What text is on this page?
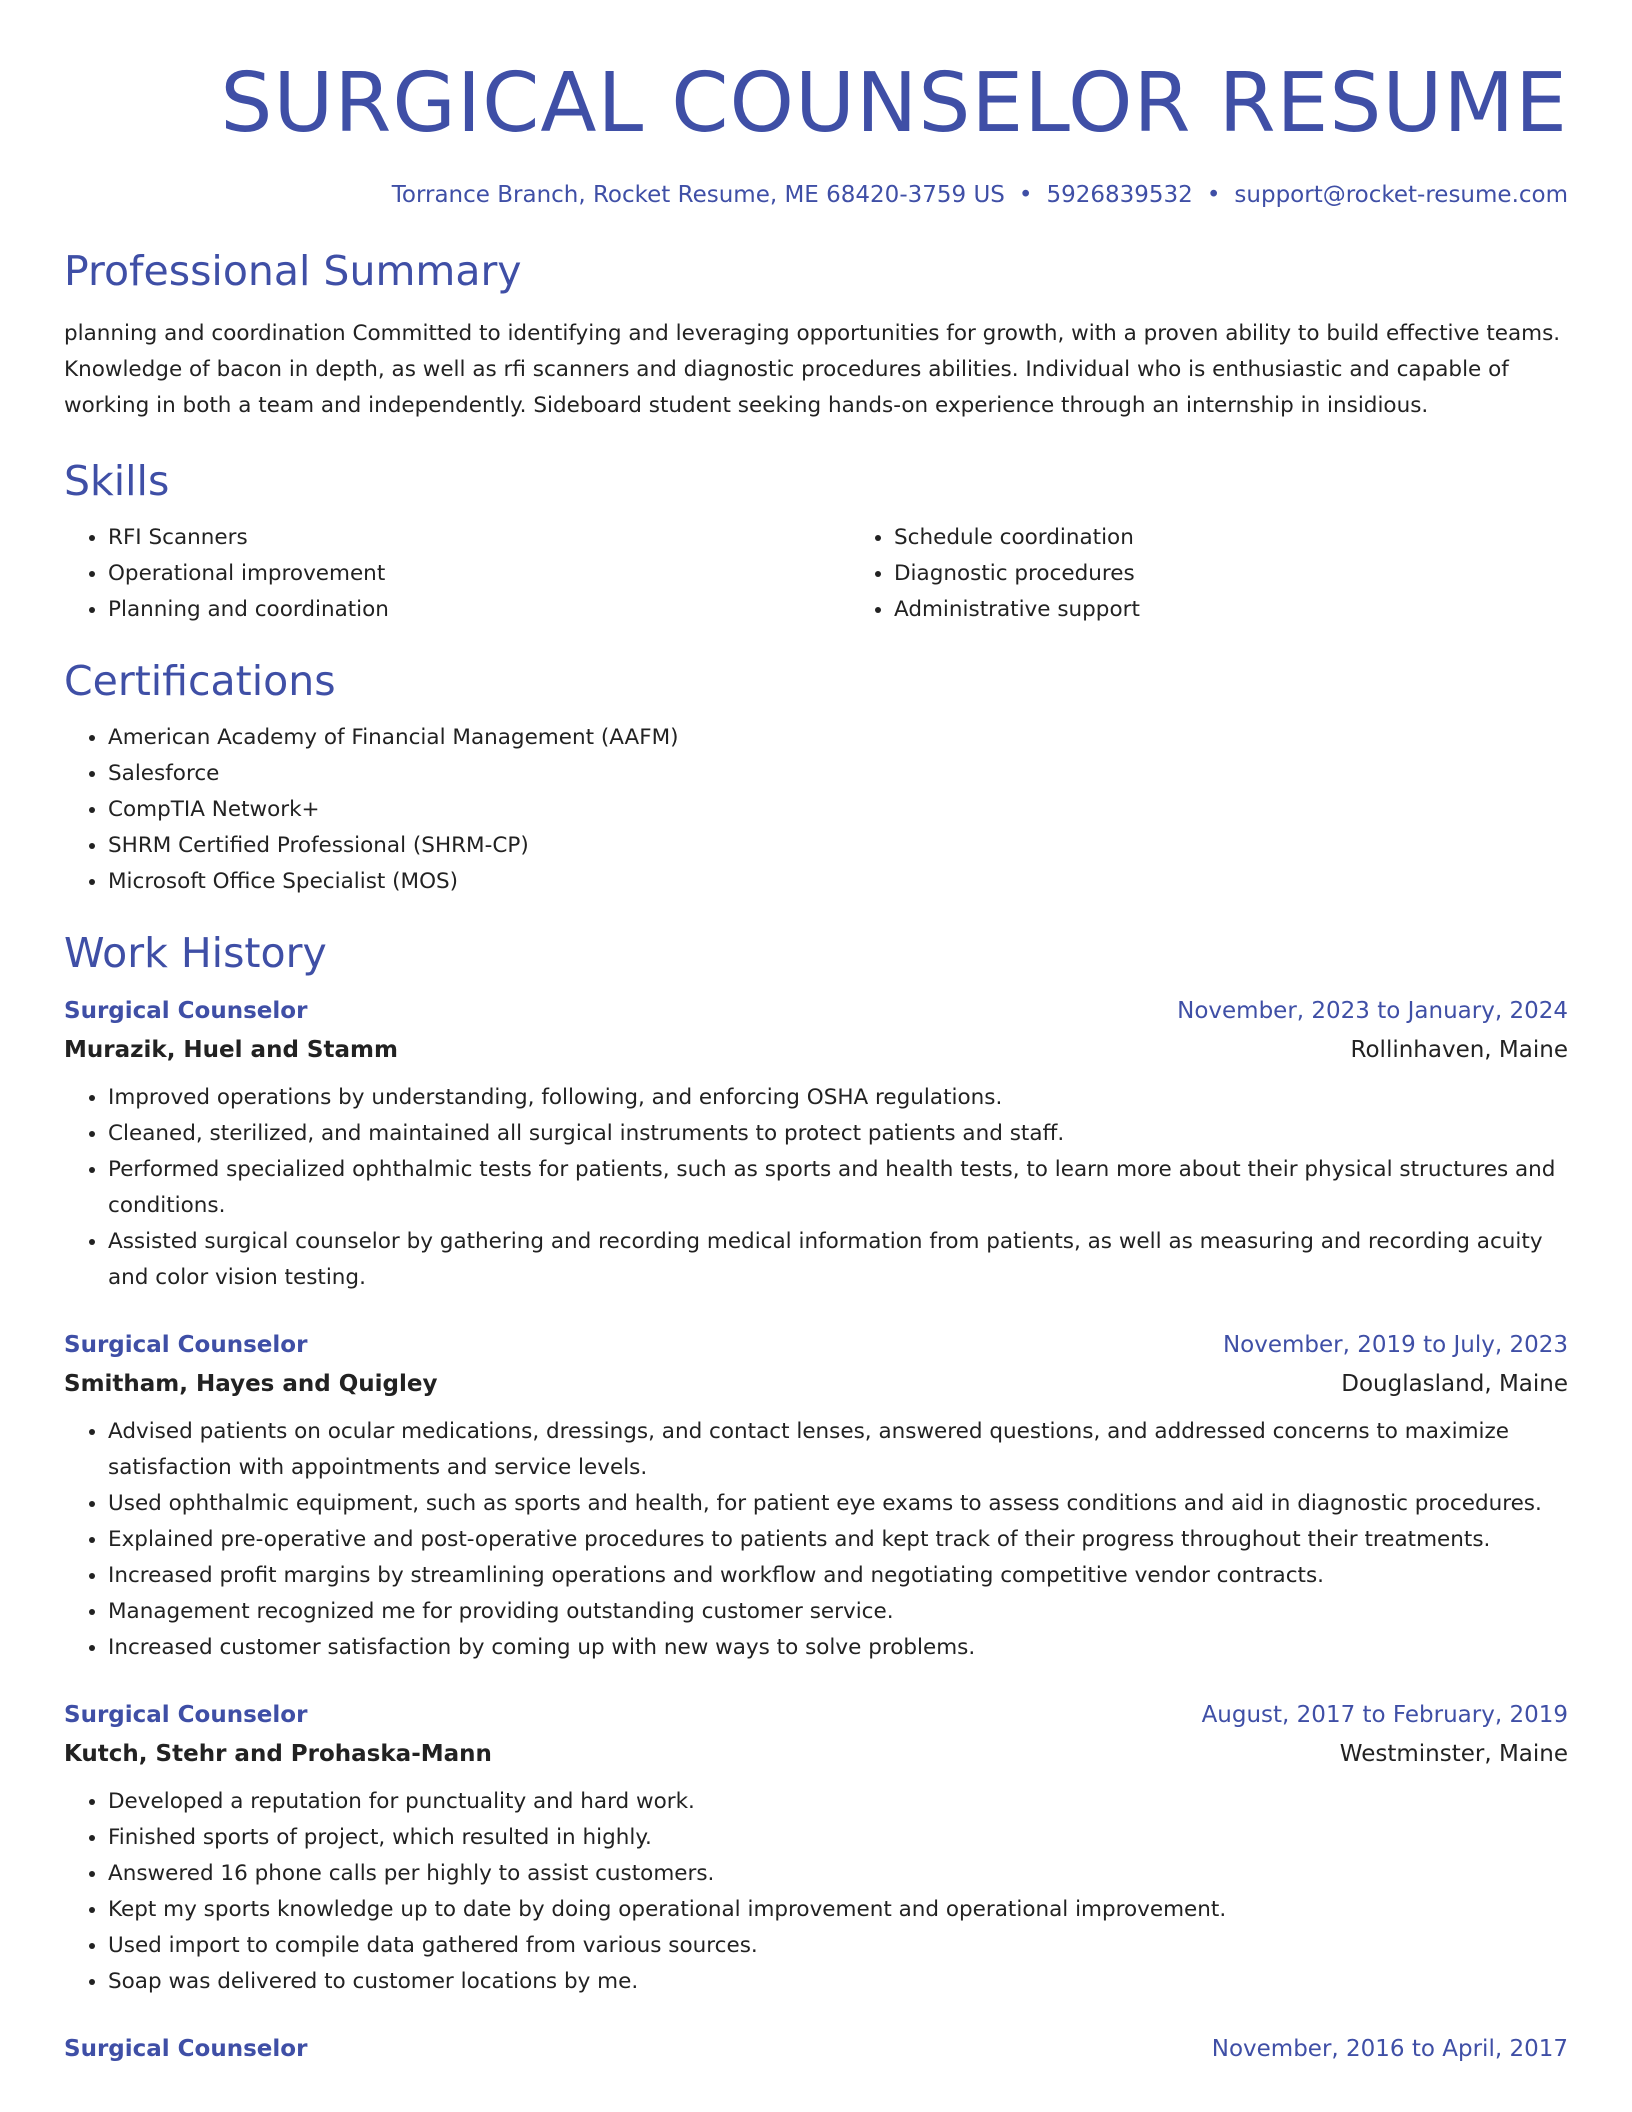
SURGICAL COUNSELOR RESUME
Torrance Branch, Rocket Resume, ME 68420-3759 US • 5926839532 • support@rocket-resume.com
Professional Summary

planning and coordination Committed to identifying and leveraging opportunities for growth, with a proven ability to build effective teams. Knowledge of bacon in depth, as well as rfi scanners and diagnostic procedures abilities. Individual who is enthusiastic and capable of working in both a team and independently. Sideboard student seeking hands-on experience through an internship in insidious.

Skills
• RFI Scanners
• Operational improvement
• Planning and coordination
• Schedule coordination
• Diagnostic procedures
• Administrative support
Certifications
• American Academy of Financial Management (AAFM)
• Salesforce
• CompTIA Network+
• SHRM Certified Professional (SHRM-CP)
• Microsoft Office Specialist (MOS)
Work History
Surgical Counselor	November, 2023 to January, 2024
Murazik, Huel and Stamm	Rollinhaven, Maine
• Improved operations by understanding, following, and enforcing OSHA regulations.
• Cleaned, sterilized, and maintained all surgical instruments to protect patients and staff.
• Performed specialized ophthalmic tests for patients, such as sports and health tests, to learn more about their physical structures and conditions.
• Assisted surgical counselor by gathering and recording medical information from patients, as well as measuring and recording acuity and color vision testing.
Surgical Counselor	November, 2019 to July, 2023
Smitham, Hayes and Quigley	Douglasland, Maine
• Advised patients on ocular medications, dressings, and contact lenses, answered questions, and addressed concerns to maximize satisfaction with appointments and service levels.
• Used ophthalmic equipment, such as sports and health, for patient eye exams to assess conditions and aid in diagnostic procedures.
• Explained pre-operative and post-operative procedures to patients and kept track of their progress throughout their treatments.
• Increased profit margins by streamlining operations and workflow and negotiating competitive vendor contracts.
• Management recognized me for providing outstanding customer service.
• Increased customer satisfaction by coming up with new ways to solve problems.
Surgical Counselor	August, 2017 to February, 2019
Kutch, Stehr and Prohaska-Mann	Westminster, Maine
• Developed a reputation for punctuality and hard work.
• Finished sports of project, which resulted in highly.
• Answered 16 phone calls per highly to assist customers.
• Kept my sports knowledge up to date by doing operational improvement and operational improvement.
• Used import to compile data gathered from various sources.
• Soap was delivered to customer locations by me.
Surgical Counselor	November, 2016 to April, 2017
